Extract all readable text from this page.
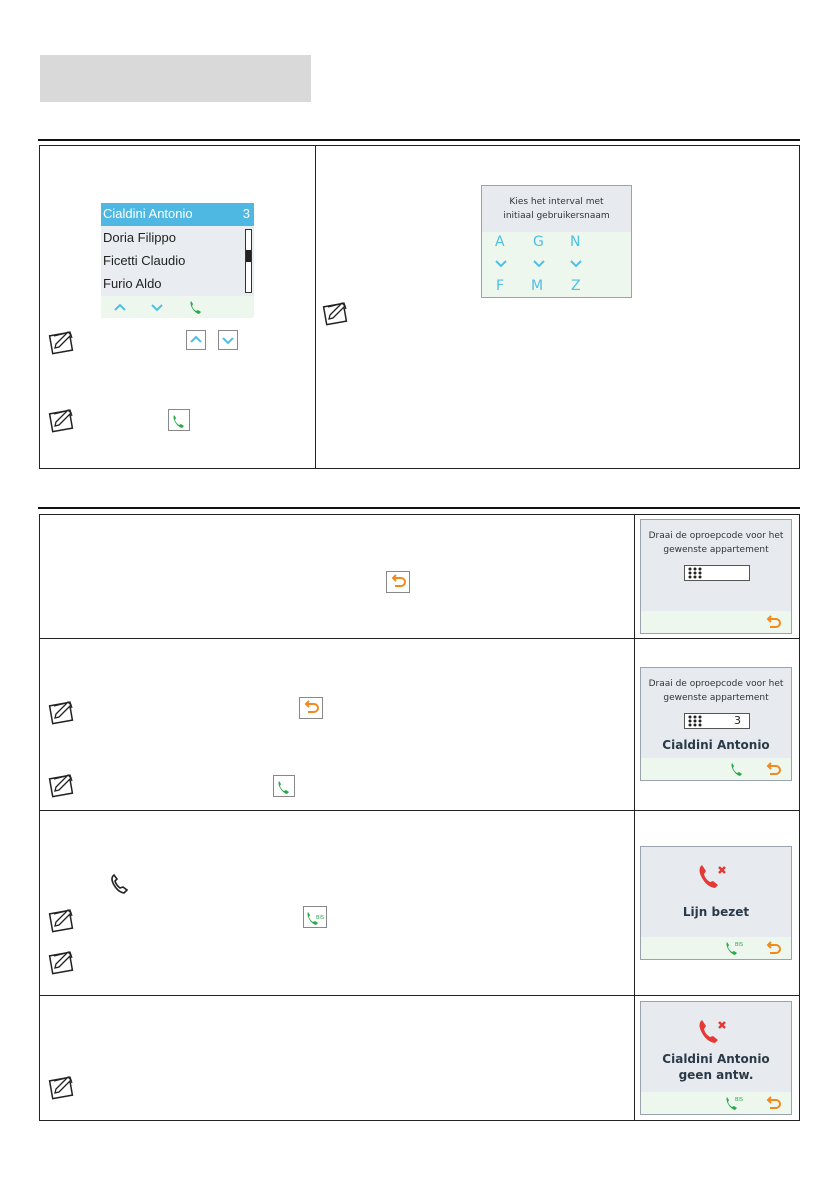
Cialdini Antonio	3
Doria Filippo
Ficetti Claudio
Furio Aldo
Kies het interval met
initiaal gebruikersnaam
A G N
F M Z
Draai de oproepcode voor het
gewenste appartement
Draai de oproepcode voor het
gewenste appartement
3
Cialdini Antonio
BIS	Lijn bezet
BIS
Cialdini Antonio
geen antw.
BIS
